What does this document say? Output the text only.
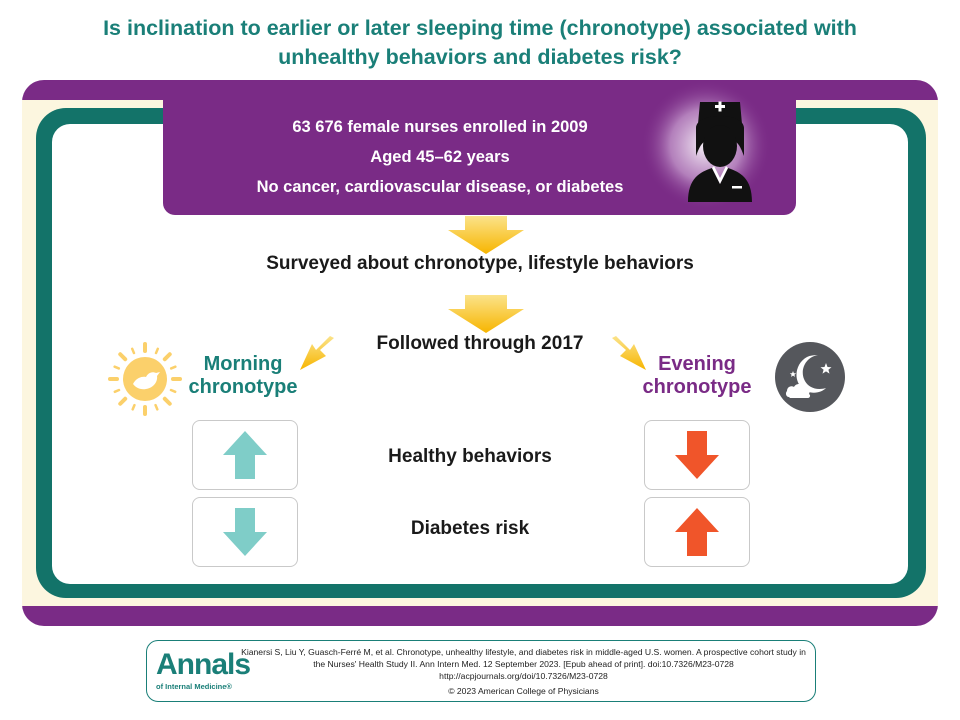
Is inclination to earlier or later sleeping time (chronotype) associated with
unhealthy behaviors and diabetes risk?
63 676 female nurses enrolled in 2009
Aged 45–62 years
No cancer, cardiovascular disease, or diabetes
Surveyed about chronotype, lifestyle behaviors
Followed through 2017
Morning
chronotype
Evening
chronotype
Healthy behaviors
Diabetes risk
Annals
of Internal Medicine®
Kianersi S, Liu Y, Guasch-Ferré M, et al. Chronotype, unhealthy lifestyle, and diabetes risk in middle-aged U.S. women. A prospective cohort study in
the Nurses' Health Study II. Ann Intern Med. 12 September 2023. [Epub ahead of print]. doi:10.7326/M23-0728
http://acpjournals.org/doi/10.7326/M23-0728
© 2023 American College of Physicians
